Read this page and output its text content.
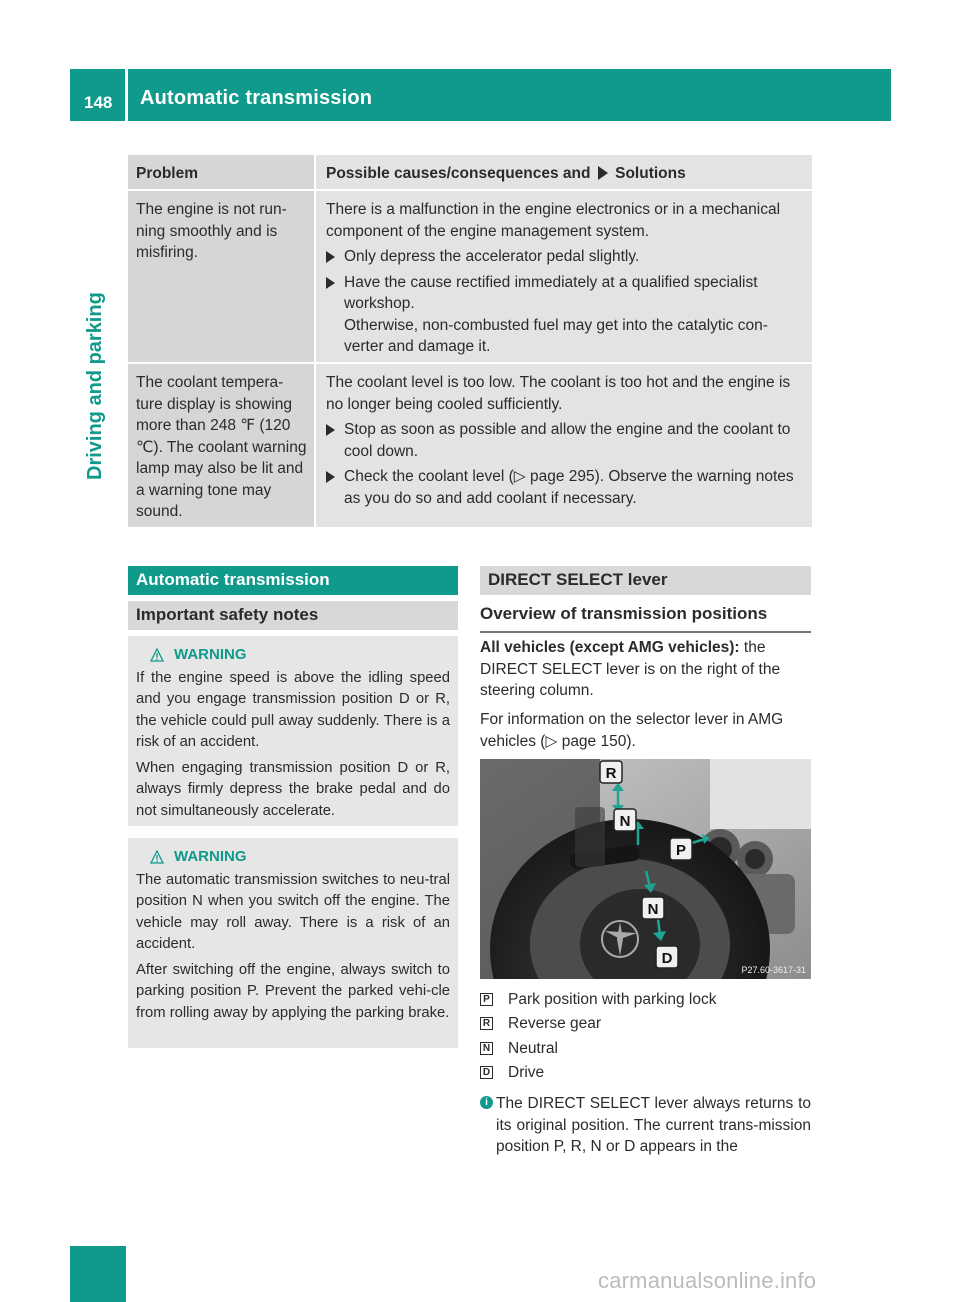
148 Automatic transmission
Driving and parking
Problem	Possible causes/consequences and Solutions
The engine is not run-ning smoothly and is misfiring.
There is a malfunction in the engine electronics or in a mechanical component of the engine management system.
Only depress the accelerator pedal slightly.
Have the cause rectified immediately at a qualified specialist workshop.
Otherwise, non-combusted fuel may get into the catalytic con-verter and damage it.
The coolant tempera-ture display is showing more than 248 ℉ (120 ℃). The coolant warning lamp may also be lit and a warning tone may sound.
The coolant level is too low. The coolant is too hot and the engine is no longer being cooled sufficiently.
Stop as soon as possible and allow the engine and the coolant to cool down.
Check the coolant level (▷ page 295). Observe the warning notes as you do so and add coolant if necessary.
Automatic transmission
Important safety notes
WARNING

If the engine speed is above the idling speed and you engage transmission position D or R, the vehicle could pull away suddenly. There is a risk of an accident.

When engaging transmission position D or R, always firmly depress the brake pedal and do not simultaneously accelerate.

WARNING

The automatic transmission switches to neu-tral position N when you switch off the engine. The vehicle may roll away. There is a risk of an accident.

After switching off the engine, always switch to parking position P. Prevent the parked vehi-cle from rolling away by applying the parking brake.

DIRECT SELECT lever
Overview of transmission positions
All vehicles (except AMG vehicles): the DIRECT SELECT lever is on the right of the steering column.
For information on the selector lever in AMG vehicles (▷ page 150).
R
N
P
N
D
P27.60-3617-31
P Park position with parking lock
R Reverse gear
N Neutral
D Drive
i The DIRECT SELECT lever always returns to its original position. The current trans-mission position P, R, N or D appears in the
carmanualsonline.info
